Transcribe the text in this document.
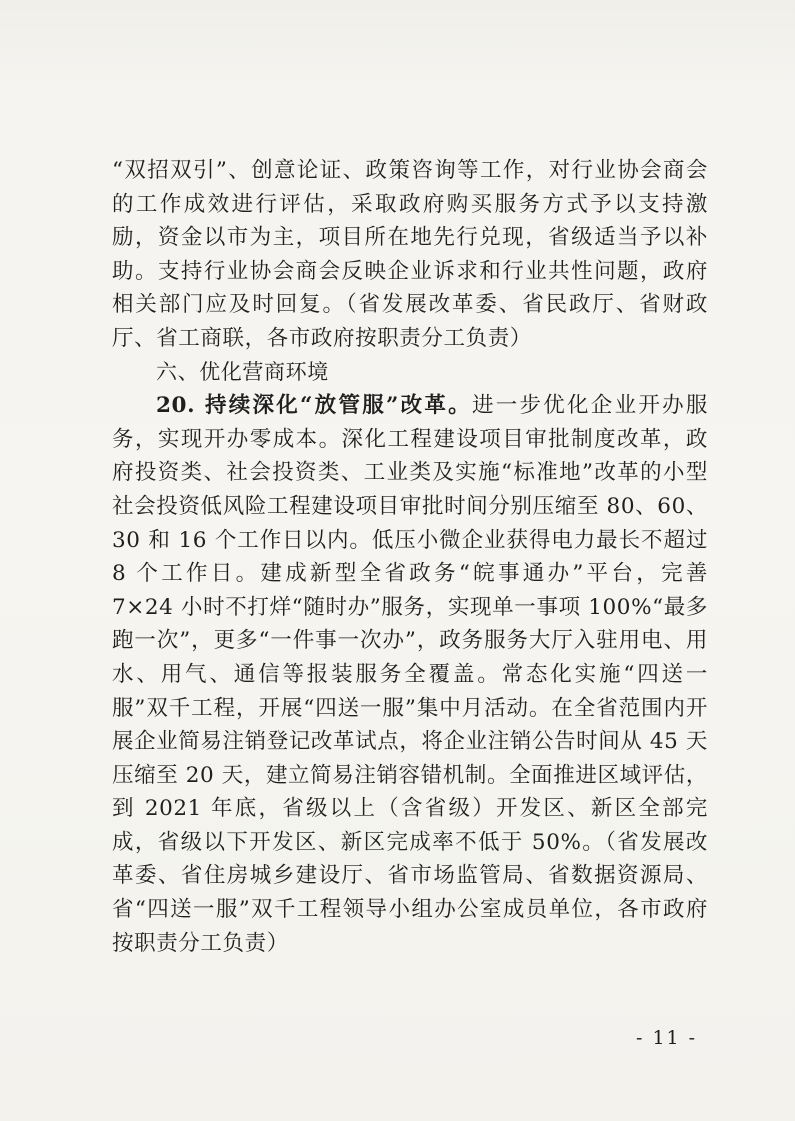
“双招双引”、创意论证、政策咨询等工作，对行业协会商会的工作成效进行评估，采取政府购买服务方式予以支持激励，资金以市为主，项目所在地先行兑现，省级适当予以补助。支持行业协会商会反映企业诉求和行业共性问题，政府相关部门应及时回复。（省发展改革委、省民政厅、省财政厅、省工商联，各市政府按职责分工负责）

六、优化营商环境

20. 持续深化“放管服”改革。进一步优化企业开办服务，实现开办零成本。深化工程建设项目审批制度改革，政府投资类、社会投资类、工业类及实施“标准地”改革的小型社会投资低风险工程建设项目审批时间分别压缩至 80、60、30 和 16 个工作日以内。低压小微企业获得电力最长不超过 8 个工作日。建成新型全省政务“皖事通办”平台，完善 7×24 小时不打烊“随时办”服务，实现单一事项 100%“最多跑一次”，更多“一件事一次办”，政务服务大厅入驻用电、用水、用气、通信等报装服务全覆盖。常态化实施“四送一服”双千工程，开展“四送一服”集中月活动。在全省范围内开展企业简易注销登记改革试点，将企业注销公告时间从 45 天压缩至 20 天，建立简易注销容错机制。全面推进区域评估，到 2021 年底，省级以上（含省级）开发区、新区全部完成，省级以下开发区、新区完成率不低于 50%。（省发展改革委、省住房城乡建设厅、省市场监管局、省数据资源局、省“四送一服”双千工程领导小组办公室成员单位，各市政府按职责分工负责）

- 11 -
